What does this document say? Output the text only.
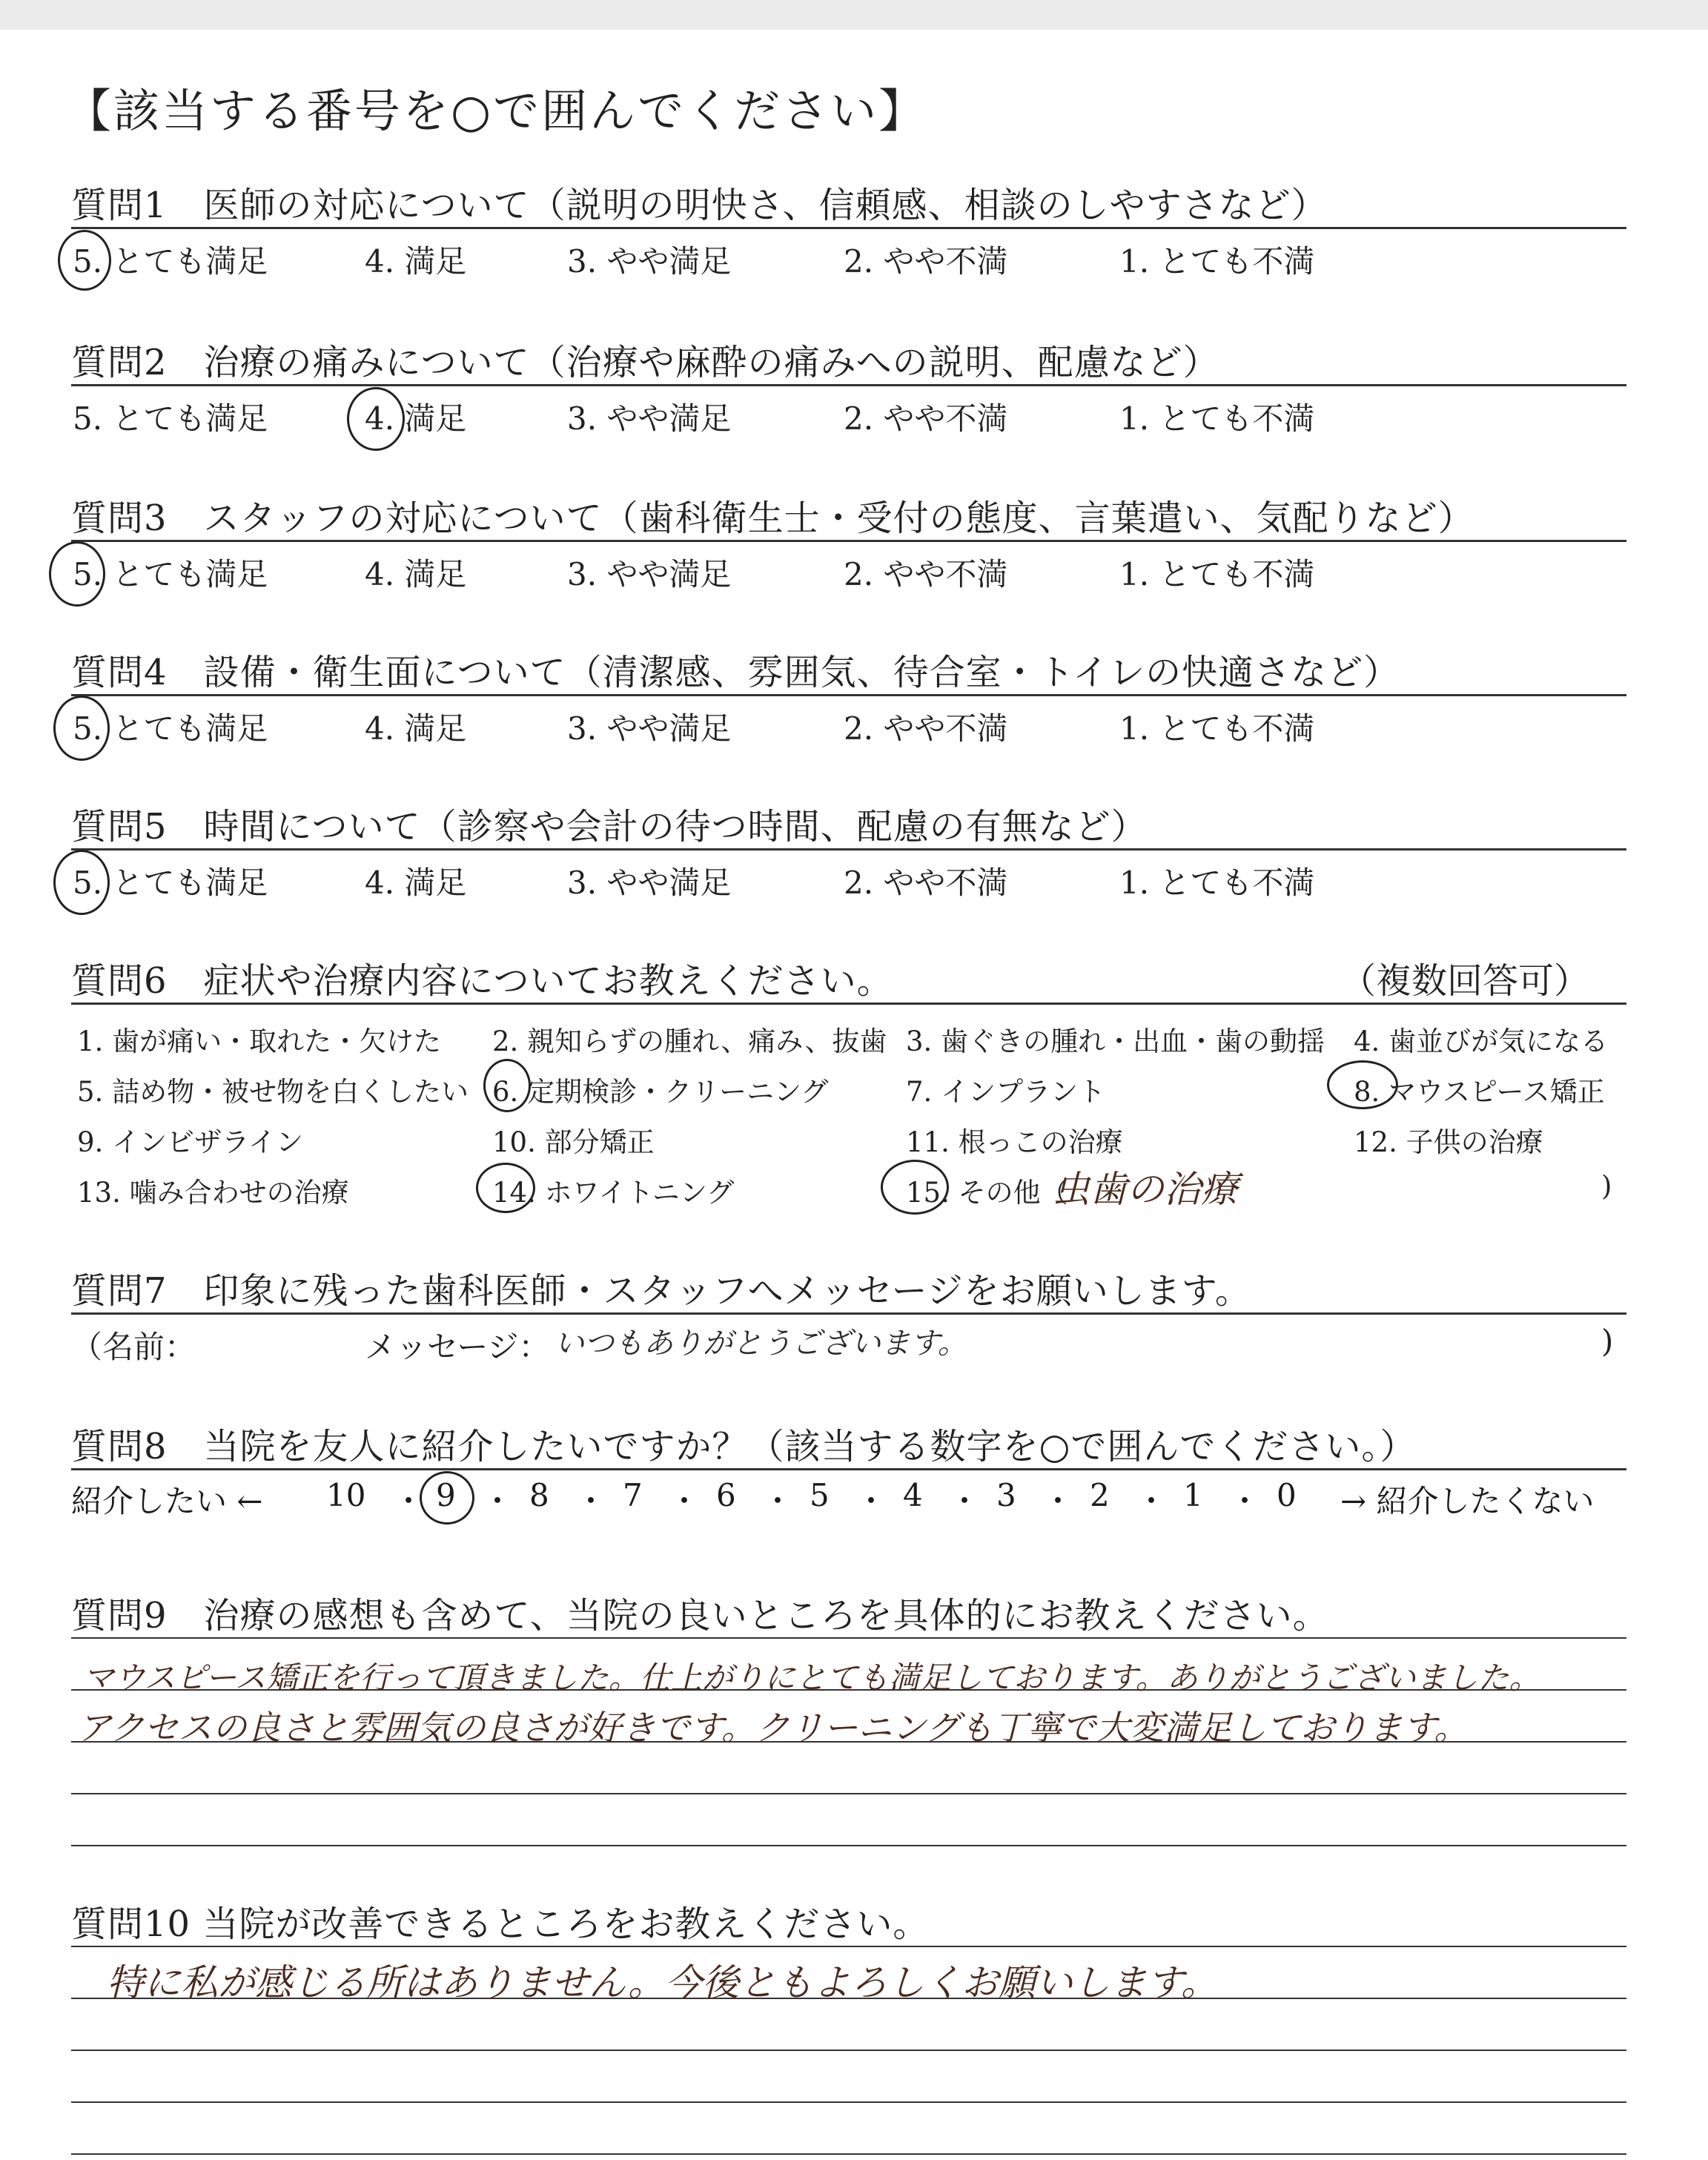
【該当する番号を○で囲んでください】
質問1　医師の対応について（説明の明快さ、信頼感、相談のしやすさなど）
5. とても満足	4. 満足	3. やや満足	2. やや不満	1. とても不満
質問2　治療の痛みについて（治療や麻酔の痛みへの説明、配慮など）
5. とても満足	4. 満足	3. やや満足	2. やや不満	1. とても不満
質問3　スタッフの対応について（歯科衛生士・受付の態度、言葉遣い、気配りなど）
5. とても満足	4. 満足	3. やや満足	2. やや不満	1. とても不満
質問4　設備・衛生面について（清潔感、雰囲気、待合室・トイレの快適さなど）
5. とても満足	4. 満足	3. やや満足	2. やや不満	1. とても不満
質問5　時間について（診察や会計の待つ時間、配慮の有無など）
5. とても満足	4. 満足	3. やや満足	2. やや不満	1. とても不満
質問6　症状や治療内容についてお教えください。	（複数回答可）
1. 歯が痛い・取れた・欠けた 2. 親知らずの腫れ、痛み、抜歯 3. 歯ぐきの腫れ・出血・歯の動揺 4. 歯並びが気になる
5. 詰め物・被せ物を白くしたい 6. 定期検診・クリーニング	7. インプラント	8. マウスピース矯正
9. インビザライン	10. 部分矯正	11. 根っこの治療	12. 子供の治療
13. 噛み合わせの治療	14. ホワイトニング	15. その他（
虫歯の治療	)
質問7　印象に残った歯科医師・スタッフへメッセージをお願いします。
（名前：	メッセージ： いつもありがとうございます。	)
質問8　当院を友人に紹介したいですか？（該当する数字を○で囲んでください。）
紹介したい ← 10 ・ 9 ・ 8 ・ 7 ・ 6 ・ 5 ・ 4 ・ 3 ・ 2 ・ 1 ・ 0 → 紹介したくない
質問9　治療の感想も含めて、当院の良いところを具体的にお教えください。
マウスピース矯正を行って頂きました。仕上がりにとても満足しております。ありがとうございました。
アクセスの良さと雰囲気の良さが好きです。クリーニングも丁寧で大変満足しております。
質問10 当院が改善できるところをお教えください。
特に私が感じる所はありません。今後ともよろしくお願いします。
